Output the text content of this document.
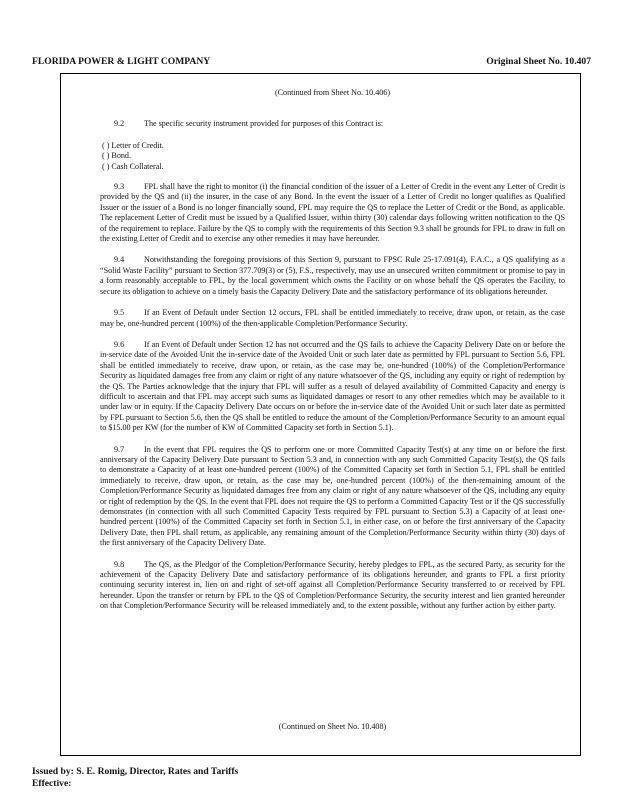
FLORIDA POWER & LIGHT COMPANY	Original Sheet No. 10.407
(Continued from Sheet No. 10.406)
9.2 The specific security instrument provided for purposes of this Contract is:
( ) Letter of Credit.
( ) Bond.
( ) Cash Collateral.
9.3 FPL shall have the right to monitor (i) the financial condition of the issuer of a Letter of Credit in the event any Letter of Credit is provided by the QS and (ii) the insurer, in the case of any Bond. In the event the issuer of a Letter of Credit no longer qualifies as Qualified Issuer or the issuer of a Bond is no longer financially sound, FPL may require the QS to replace the Letter of Credit or the Bond, as applicable. The replacement Letter of Credit must be issued by a Qualified Issuer, within thirty (30) calendar days following written notification to the QS of the requirement to replace. Failure by the QS to comply with the requirements of this Section 9.3 shall be grounds for FPL to draw in full on the existing Letter of Credit and to exercise any other remedies it may have hereunder.
9.4 Notwithstanding the foregoing provisions of this Section 9, pursuant to FPSC Rule 25-17.091(4), F.A.C., a QS qualifying as a “Solid Waste Facility” pursuant to Section 377.709(3) or (5), F.S., respectively, may use an unsecured written commitment or promise to pay in a form reasonably acceptable to FPL, by the local government which owns the Facility or on whose behalf the QS operates the Facility, to secure its obligation to achieve on a timely basis the Capacity Delivery Date and the satisfactory performance of its obligations hereunder.
9.5 If an Event of Default under Section 12 occurs, FPL shall be entitled immediately to receive, draw upon, or retain, as the case may be, one-hundred percent (100%) of the then-applicable Completion/Performance Security.
9.6 If an Event of Default under Section 12 has not occurred and the QS fails to achieve the Capacity Delivery Date on or before the in-service date of the Avoided Unit the in-service date of the Avoided Unit or such later date as permitted by FPL pursuant to Section 5.6, FPL shall be entitled immediately to receive, draw upon, or retain, as the case may be, one-hundred (100%) of the Completion/Performance Security as liquidated damages free from any claim or right of any nature whatsoever of the QS, including any equity or right of redemption by the QS. The Parties acknowledge that the injury that FPL will suffer as a result of delayed availability of Committed Capacity and energy is difficult to ascertain and that FPL may accept such sums as liquidated damages or resort to any other remedies which may be available to it under law or in equity. If the Capacity Delivery Date occurs on or before the in-service date of the Avoided Unit or such later date as permitted by FPL pursuant to Section 5.6, then the QS shall be entitled to reduce the amount of the Completion/Performance Security to an amount equal to $15.00 per KW (for the number of KW of Committed Capacity set forth in Section 5.1).
9.7 In the event that FPL requires the QS to perform one or more Committed Capacity Test(s) at any time on or before the first anniversary of the Capacity Delivery Date pursuant to Section 5.3 and, in connection with any such Committed Capacity Test(s), the QS fails to demonstrate a Capacity of at least one-hundred percent (100%) of the Committed Capacity set forth in Section 5.1, FPL shall be entitled immediately to receive, draw upon, or retain, as the case may be, one-hundred percent (100%) of the then-remaining amount of the Completion/Performance Security as liquidated damages free from any claim or right of any nature whatsoever of the QS, including any equity or right of redemption by the QS. In the event that FPL does not require the QS to perform a Committed Capacity Test or if the QS successfully demonstrates (in connection with all such Committed Capacity Tests required by FPL pursuant to Section 5.3) a Capacity of at least one-hundred percent (100%) of the Committed Capacity set forth in Section 5.1, in either case, on or before the first anniversary of the Capacity Delivery Date, then FPL shall return, as applicable, any remaining amount of the Completion/Performance Security within thirty (30) days of the first anniversary of the Capacity Delivery Date.
9.8 The QS, as the Pledgor of the Completion/Performance Security, hereby pledges to FPL, as the secured Party, as security for the achievement of the Capacity Delivery Date and satisfactory performance of its obligations hereunder, and grants to FPL a first priority continuing security interest in, lien on and right of set-off against all Completion/Performance Security transferred to or received by FPL hereunder. Upon the transfer or return by FPL to the QS of Completion/Performance Security, the security interest and lien granted hereunder on that Completion/Performance Security will be released immediately and, to the extent possible, without any further action by either party.
(Continued on Sheet No. 10.408)
Issued by: S. E. Romig, Director, Rates and Tariffs
Effective:
